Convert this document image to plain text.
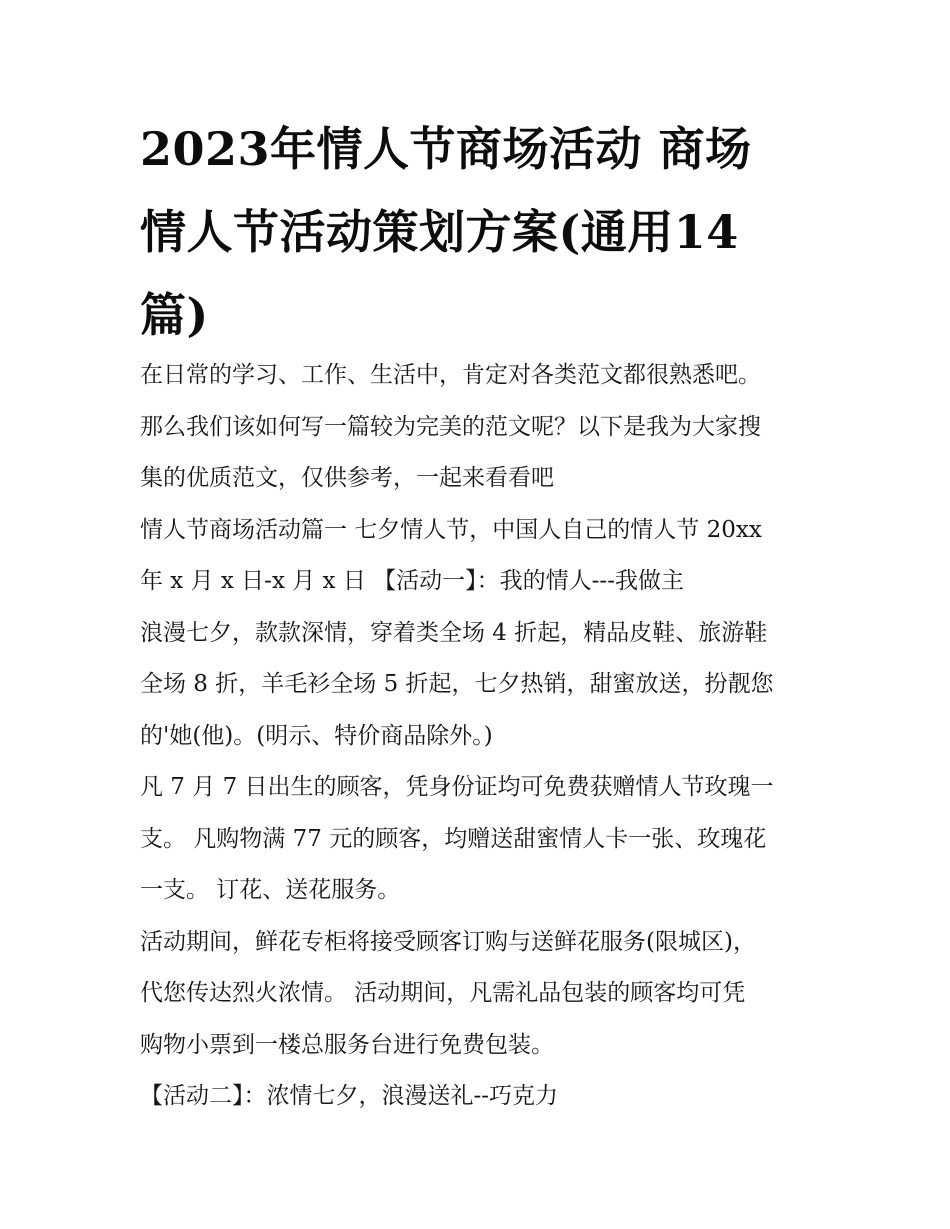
2023年情人节商场活动 商场
情人节活动策划方案(通用14
篇)

在日常的学习、工作、生活中，肯定对各类范文都很熟悉吧。
那么我们该如何写一篇较为完美的范文呢？以下是我为大家搜
集的优质范文，仅供参考，一起来看看吧

情人节商场活动篇一 七夕情人节，中国人自己的情人节 20xx
年 x 月 x 日-x 月 x 日 【活动一】：我的情人---我做主

浪漫七夕，款款深情，穿着类全场 4 折起，精品皮鞋、旅游鞋
全场 8 折，羊毛衫全场 5 折起，七夕热销，甜蜜放送，扮靓您
的'她(他)。(明示、特价商品除外。)

凡 7 月 7 日出生的顾客，凭身份证均可免费获赠情人节玫瑰一
支。 凡购物满 77 元的顾客，均赠送甜蜜情人卡一张、玫瑰花
一支。 订花、送花服务。

活动期间，鲜花专柜将接受顾客订购与送鲜花服务(限城区)，
代您传达烈火浓情。 活动期间，凡需礼品包装的顾客均可凭
购物小票到一楼总服务台进行免费包装。

【活动二】：浓情七夕，浪漫送礼--巧克力
